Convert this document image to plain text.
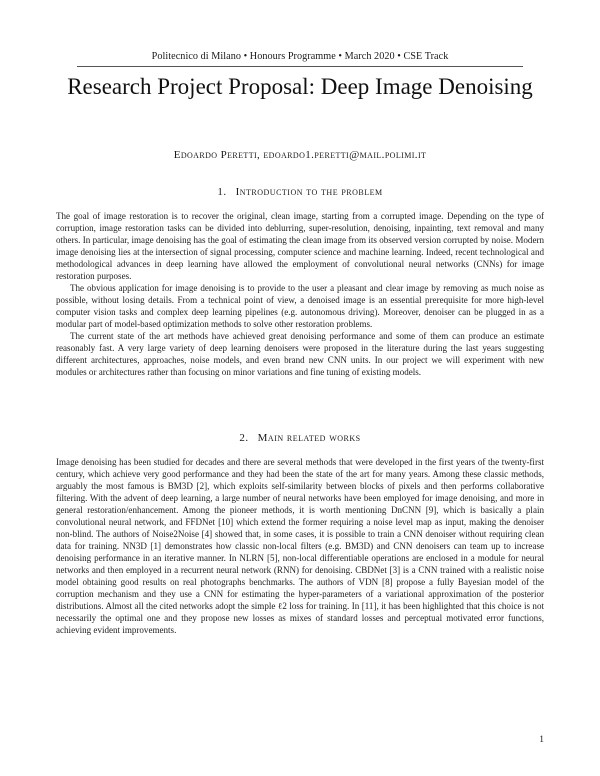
Politecnico di Milano • Honours Programme • March 2020 • CSE Track
Research Project Proposal: Deep Image Denoising
Edoardo Peretti, edoardo1.peretti@mail.polimi.it
1. Introduction to the problem

The goal of image restoration is to recover the original, clean image, starting from a corrupted image. Depending on the type of corruption, image restoration tasks can be divided into deblurring, super-resolution, denoising, inpainting, text removal and many others. In particular, image denoising has the goal of estimating the clean image from its observed version corrupted by noise. Modern image denoising lies at the intersection of signal processing, computer science and machine learning. Indeed, recent technological and methodological advances in deep learning have allowed the employment of convolutional neural networks (CNNs) for image restoration purposes.

The obvious application for image denoising is to provide to the user a pleasant and clear image by removing as much noise as possible, without losing details. From a technical point of view, a denoised image is an essential prerequisite for more high-level computer vision tasks and complex deep learning pipelines (e.g. autonomous driving). Moreover, denoiser can be plugged in as a modular part of model-based optimization methods to solve other restoration problems.

The current state of the art methods have achieved great denoising performance and some of them can produce an estimate reasonably fast. A very large variety of deep learning denoisers were proposed in the literature during the last years suggesting different architectures, approaches, noise models, and even brand new CNN units. In our project we will experiment with new modules or architectures rather than focusing on minor variations and fine tuning of existing models.

2. Main related works

Image denoising has been studied for decades and there are several methods that were developed in the first years of the twenty-first century, which achieve very good performance and they had been the state of the art for many years. Among these classic methods, arguably the most famous is BM3D [2], which exploits self-similarity between blocks of pixels and then performs collaborative filtering. With the advent of deep learning, a large number of neural networks have been employed for image denoising, and more in general restoration/enhancement. Among the pioneer methods, it is worth mentioning DnCNN [9], which is basically a plain convolutional neural network, and FFDNet [10] which extend the former requiring a noise level map as input, making the denoiser non-blind. The authors of Noise2Noise [4] showed that, in some cases, it is possible to train a CNN denoiser without requiring clean data for training. NN3D [1] demonstrates how classic non-local filters (e.g. BM3D) and CNN denoisers can team up to increase denoising performance in an iterative manner. In NLRN [5], non-local differentiable operations are enclosed in a module for neural networks and then employed in a recurrent neural network (RNN) for denoising. CBDNet [3] is a CNN trained with a realistic noise model obtaining good results on real photographs benchmarks. The authors of VDN [8] propose a fully Bayesian model of the corruption mechanism and they use a CNN for estimating the hyper-parameters of a variational approximation of the posterior distributions. Almost all the cited networks adopt the simple ℓ2 loss for training. In [11], it has been highlighted that this choice is not necessarily the optimal one and they propose new losses as mixes of standard losses and perceptual motivated error functions, achieving evident improvements.

1
